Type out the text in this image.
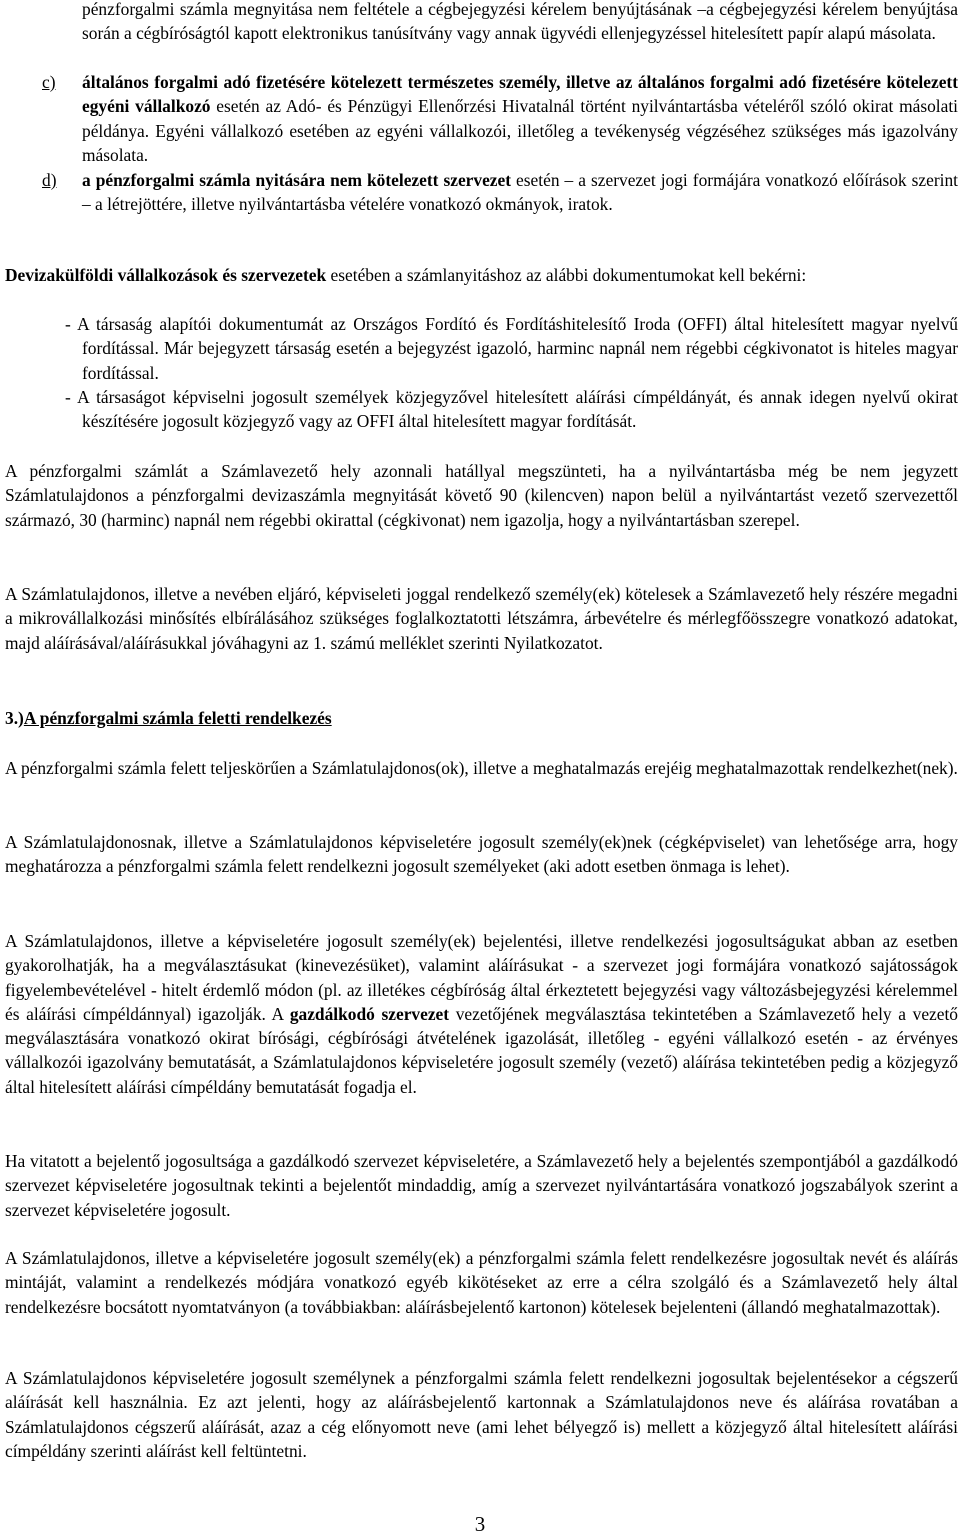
pénzforgalmi számla megnyitása nem feltétele a cégbejegyzési kérelem benyújtásának –a cégbejegyzési kérelem benyújtása során a cégbíróságtól kapott elektronikus tanúsítvány vagy annak ügyvédi ellenjegyzéssel hitelesített papír alapú másolata.
c) általános forgalmi adó fizetésére kötelezett természetes személy, illetve az általános forgalmi adó fizetésére kötelezett egyéni vállalkozó esetén az Adó- és Pénzügyi Ellenőrzési Hivatalnál történt nyilvántartásba vételéről szóló okirat másolati példánya. Egyéni vállalkozó esetében az egyéni vállalkozói, illetőleg a tevékenység végzéséhez szükséges más igazolvány másolata.
d) a pénzforgalmi számla nyitására nem kötelezett szervezet esetén – a szervezet jogi formájára vonatkozó előírások szerint – a létrejöttére, illetve nyilvántartásba vételére vonatkozó okmányok, iratok.
Devizakülföldi vállalkozások és szervezetek esetében a számlanyitáshoz az alábbi dokumentumokat kell bekérni:
- A társaság alapítói dokumentumát az Országos Fordító és Fordításhitelesítő Iroda (OFFI) által hitelesített magyar nyelvű fordítással. Már bejegyzett társaság esetén a bejegyzést igazoló, harminc napnál nem régebbi cégkivonatot is hiteles magyar fordítással.
- A társaságot képviselni jogosult személyek közjegyzővel hitelesített aláírási címpéldányát, és annak idegen nyelvű okirat készítésére jogosult közjegyző vagy az OFFI által hitelesített magyar fordítását.
A pénzforgalmi számlát a Számlavezető hely azonnali hatállyal megszünteti, ha a nyilvántartásba még be nem jegyzett Számlatulajdonos a pénzforgalmi devizaszámla megnyitását követő 90 (kilencven) napon belül a nyilvántartást vezető szervezettől származó, 30 (harminc) napnál nem régebbi okirattal (cégkivonat) nem igazolja, hogy a nyilvántartásban szerepel.
A Számlatulajdonos, illetve a nevében eljáró, képviseleti joggal rendelkező személy(ek) kötelesek a Számlavezető hely részére megadni a mikrovállalkozási minősítés elbírálásához szükséges foglalkoztatotti létszámra, árbevételre és mérlegfőösszegre vonatkozó adatokat, majd aláírásával/aláírásukkal jóváhagyni az 1. számú melléklet szerinti Nyilatkozatot.
3.)A pénzforgalmi számla feletti rendelkezés
A pénzforgalmi számla felett teljeskörűen a Számlatulajdonos(ok), illetve a meghatalmazás erejéig meghatalmazottak rendelkezhet(nek).
A Számlatulajdonosnak, illetve a Számlatulajdonos képviseletére jogosult személy(ek)nek (cégképviselet) van lehetősége arra, hogy meghatározza a pénzforgalmi számla felett rendelkezni jogosult személyeket (aki adott esetben önmaga is lehet).
A Számlatulajdonos, illetve a képviseletére jogosult személy(ek) bejelentési, illetve rendelkezési jogosultságukat abban az esetben gyakorolhatják, ha a megválasztásukat (kinevezésüket), valamint aláírásukat - a szervezet jogi formájára vonatkozó sajátosságok figyelembevételével - hitelt érdemlő módon (pl. az illetékes cégbíróság által érkeztetett bejegyzési vagy változásbejegyzési kérelemmel és aláírási címpéldánnyal) igazolják. A gazdálkodó szervezet vezetőjének megválasztása tekintetében a Számlavezető hely a vezető megválasztására vonatkozó okirat bírósági, cégbírósági átvételének igazolását, illetőleg - egyéni vállalkozó esetén - az érvényes vállalkozói igazolvány bemutatását, a Számlatulajdonos képviseletére jogosult személy (vezető) aláírása tekintetében pedig a közjegyző által hitelesített aláírási címpéldány bemutatását fogadja el.
Ha vitatott a bejelentő jogosultsága a gazdálkodó szervezet képviseletére, a Számlavezető hely a bejelentés szempontjából a gazdálkodó szervezet képviseletére jogosultnak tekinti a bejelentőt mindaddig, amíg a szervezet nyilvántartására vonatkozó jogszabályok szerint a szervezet képviseletére jogosult.
A Számlatulajdonos, illetve a képviseletére jogosult személy(ek) a pénzforgalmi számla felett rendelkezésre jogosultak nevét és aláírás mintáját, valamint a rendelkezés módjára vonatkozó egyéb kikötéseket az erre a célra szolgáló és a Számlavezető hely által rendelkezésre bocsátott nyomtatványon (a továbbiakban: aláírásbejelentő kartonon) kötelesek bejelenteni (állandó meghatalmazottak).
A Számlatulajdonos képviseletére jogosult személynek a pénzforgalmi számla felett rendelkezni jogosultak bejelentésekor a cégszerű aláírását kell használnia. Ez azt jelenti, hogy az aláírásbejelentő kartonnak a Számlatulajdonos neve és aláírása rovatában a Számlatulajdonos cégszerű aláírását, azaz a cég előnyomott neve (ami lehet bélyegző is) mellett a közjegyző által hitelesített aláírási címpéldány szerinti aláírást kell feltüntetni.
3
